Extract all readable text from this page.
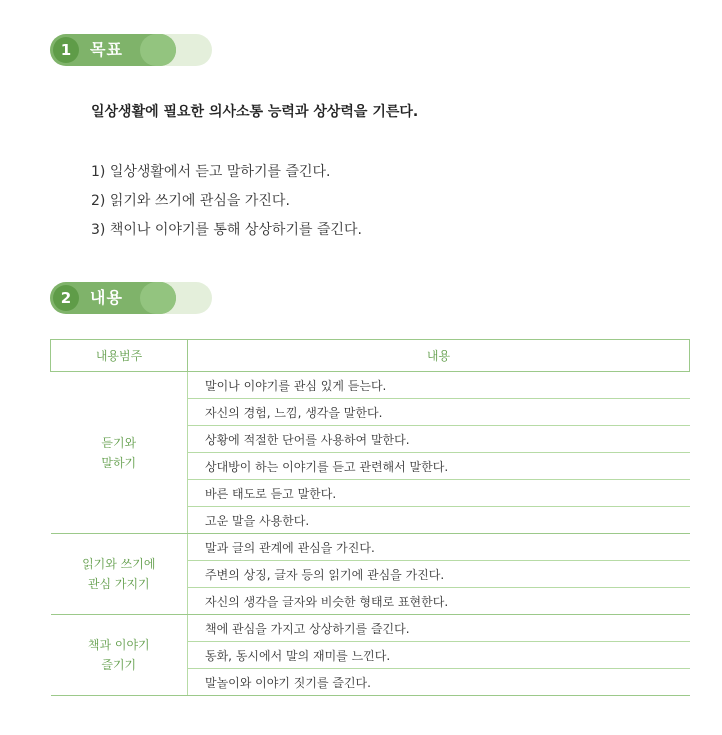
1	목표
일상생활에 필요한 의사소통 능력과 상상력을 기른다.
1) 일상생활에서 듣고 말하기를 즐긴다.
2) 읽기와 쓰기에 관심을 가진다.
3) 책이나 이야기를 통해 상상하기를 즐긴다.
2	내용
내용범주	내용
듣기와
말하기	말이나 이야기를 관심 있게 듣는다.
	자신의 경험, 느낌, 생각을 말한다.
	상황에 적절한 단어를 사용하여 말한다.
	상대방이 하는 이야기를 듣고 관련해서 말한다.
	바른 태도로 듣고 말한다.
	고운 말을 사용한다.
읽기와 쓰기에
관심 가지기	말과 글의 관계에 관심을 가진다.
	주변의 상징, 글자 등의 읽기에 관심을 가진다.
	자신의 생각을 글자와 비슷한 형태로 표현한다.
책과 이야기
즐기기	책에 관심을 가지고 상상하기를 즐긴다.
	동화, 동시에서 말의 재미를 느낀다.
	말놀이와 이야기 짓기를 즐긴다.
